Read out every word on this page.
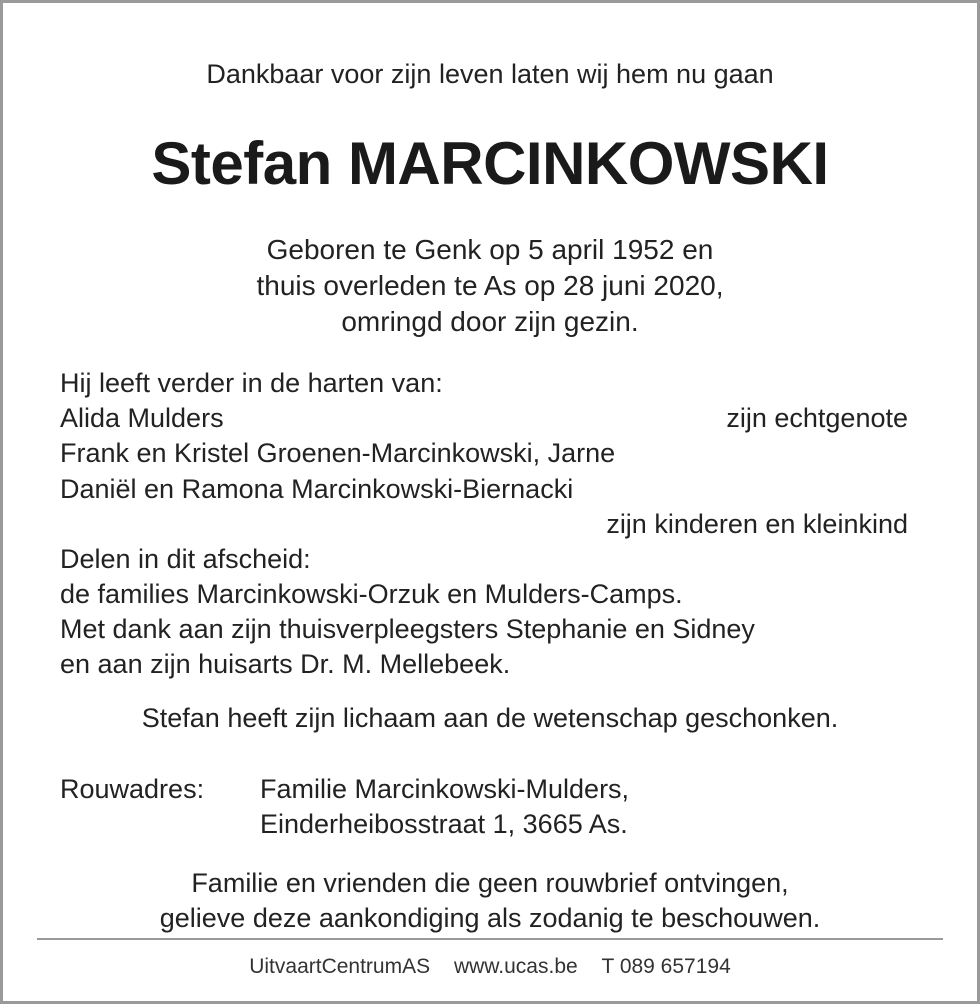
Dankbaar voor zijn leven laten wij hem nu gaan
Stefan MARCINKOWSKI
Geboren te Genk op 5 april 1952 en
thuis overleden te As op 28 juni 2020,
omringd door zijn gezin.
Hij leeft verder in de harten van:
Alida Mulders	zijn echtgenote
Frank en Kristel Groenen-Marcinkowski, Jarne
Daniël en Ramona Marcinkowski-Biernacki
zijn kinderen en kleinkind
Delen in dit afscheid:
de families Marcinkowski-Orzuk en Mulders-Camps.
Met dank aan zijn thuisverpleegsters Stephanie en Sidney
en aan zijn huisarts Dr. M. Mellebeek.
Stefan heeft zijn lichaam aan de wetenschap geschonken.
Rouwadres: Familie Marcinkowski-Mulders,
Einderheibosstraat 1, 3665 As.
Familie en vrienden die geen rouwbrief ontvingen,
gelieve deze aankondiging als zodanig te beschouwen.
UitvaartCentrumAS www.ucas.be T 089 657194
